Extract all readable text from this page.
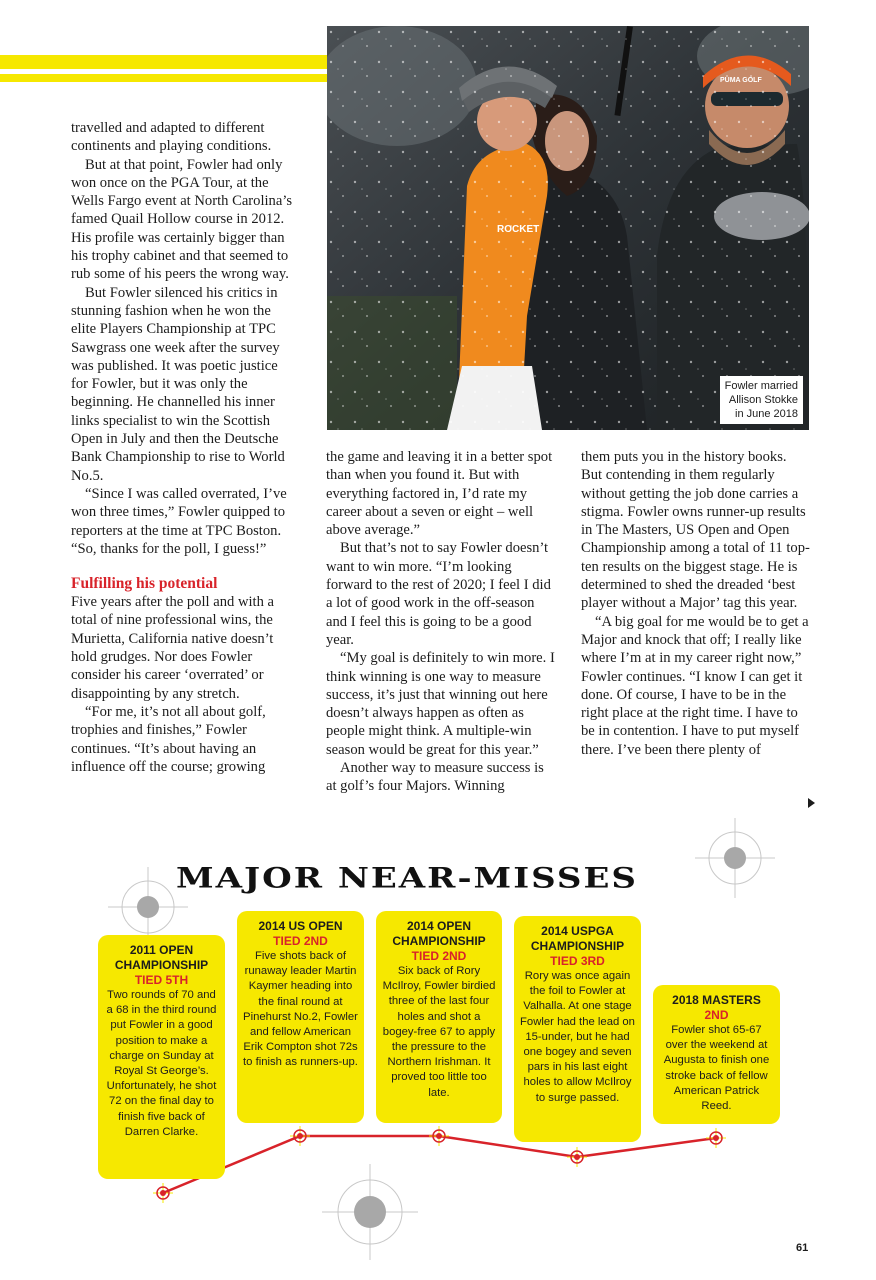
travelled and adapted to different continents and playing conditions.

But at that point, Fowler had only won once on the PGA Tour, at the Wells Fargo event at North Carolina’s famed Quail Hollow course in 2012. His profile was certainly bigger than his trophy cabinet and that seemed to rub some of his peers the wrong way.

But Fowler silenced his critics in stunning fashion when he won the elite Players Championship at TPC Sawgrass one week after the survey was published. It was poetic justice for Fowler, but it was only the beginning. He channelled his inner links specialist to win the Scottish Open in July and then the Deutsche Bank Championship to rise to World No.5.

“Since I was called overrated, I’ve won three times,” Fowler quipped to reporters at the time at TPC Boston. “So, thanks for the poll, I guess!”

Fulfilling his potential

Five years after the poll and with a total of nine professional wins, the Murietta, California native doesn’t hold grudges. Nor does Fowler consider his career ‘overrated’ or disappointing by any stretch.

“For me, it’s not all about golf, trophies and finishes,” Fowler continues. “It’s about having an influence off the course; growing

Fowler married
Allison Stokke
in June 2018

the game and leaving it in a better spot than when you found it. But with everything factored in, I’d rate my career about a seven or eight – well above average.”

But that’s not to say Fowler doesn’t want to win more. “I’m looking forward to the rest of 2020; I feel I did a lot of good work in the off-season and I feel this is going to be a good year.

“My goal is definitely to win more. I think winning is one way to measure success, it’s just that winning out here doesn’t always happen as often as people might think. A multiple-win season would be great for this year.”

Another way to measure success is at golf’s four Majors. Winning

them puts you in the history books. But contending in them regularly without getting the job done carries a stigma. Fowler owns runner-up results in The Masters, US Open and Open Championship among a total of 11 top-ten results on the biggest stage. He is determined to shed the dreaded ‘best player without a Major’ tag this year.

“A big goal for me would be to get a Major and knock that off; I really like where I’m at in my career right now,” Fowler continues. “I know I can get it done. Of course, I have to be in the right place at the right time. I have to be in contention. I have to put myself there. I’ve been there plenty of

MAJOR NEAR-MISSES
2011 OPEN CHAMPIONSHIP
TIED 5TH
Two rounds of 70 and a 68 in the third round put Fowler in a good position to make a charge on Sunday at Royal St George’s. Unfortunately, he shot 72 on the final day to finish five back of Darren Clarke.
2014 US OPEN
TIED 2ND
Five shots back of runaway leader Martin Kaymer heading into the final round at Pinehurst No.2, Fowler and fellow American Erik Compton shot 72s to finish as runners-up.
2014 OPEN CHAMPIONSHIP
TIED 2ND
Six back of Rory McIlroy, Fowler birdied three of the last four holes and shot a bogey-free 67 to apply the pressure to the Northern Irishman. It proved too little too late.
2014 USPGA CHAMPIONSHIP
TIED 3RD
Rory was once again the foil to Fowler at Valhalla. At one stage Fowler had the lead on 15-under, but he had one bogey and seven pars in his last eight holes to allow McIlroy to surge passed.
2018 MASTERS
2ND
Fowler shot 65-67 over the weekend at Augusta to finish one stroke back of fellow American Patrick Reed.
61
